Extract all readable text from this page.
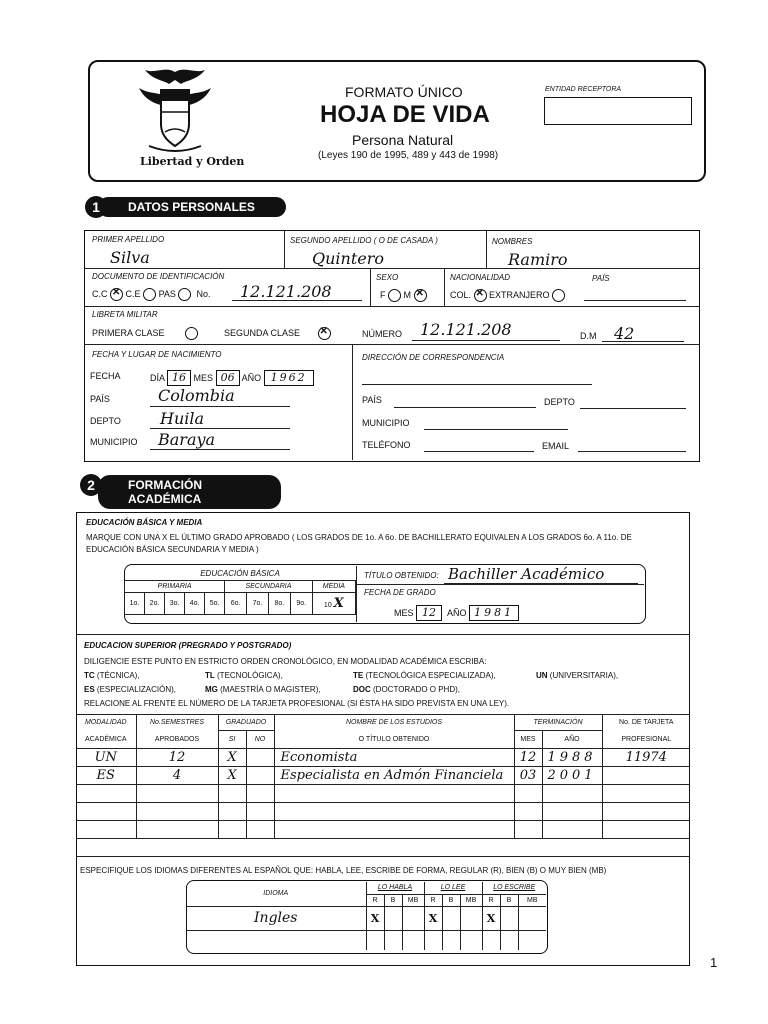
Libertad y Orden
FORMATO ÚNICO
HOJA DE VIDA
Persona Natural
(Leyes 190 de 1995, 489 y 443 de 1998)
ENTIDAD RECEPTORA
DATOS PERSONALES
1
PRIMER APELLIDO
Silva
SEGUNDO APELLIDO ( O DE CASADA )
Quintero
NOMBRES
Ramiro
DOCUMENTO DE IDENTIFICACIÓN
C.C ✕ C.E PAS No. 12.121.208
SEXO
F M ✕
NACIONALIDAD	PAÍS
COL. ✕ EXTRANJERO
LIBRETA MILITAR
PRIMERA CLASE	SEGUNDA CLASE ✕	NÚMERO 12.121.208	D.M 42
FECHA Y LUGAR DE NACIMIENTO
FECHA	DÍA 16 MES 06 AÑO 1962
PAÍS	Colombia
DEPTO Huila
MUNICIPIO Baraya
DIRECCIÓN DE CORRESPONDENCIA
PAÍS	DEPTO
MUNICIPIO
TELÉFONO	EMAIL
FORMACIÓN ACADÉMICA
2
EDUCACIÓN BÁSICA Y MEDIA
MARQUE CON UNA X EL ÚLTIMO GRADO APROBADO ( LOS GRADOS DE 1o. A 6o. DE BACHILLERATO EQUIVALEN A LOS GRADOS 6o. A 11o. DE EDUCACIÓN BÁSICA SECUNDARIA Y MEDIA )
EDUCACIÓN BÁSICA									
PRIMARIA					SECUNDARIA				MEDIA
1o.	2o.	3o.	4o.	5o.	6o.	7o.	8o.	9o.	10 X
TÍTULO OBTENIDO: Bachiller Académico
FECHA DE GRADO
MES 12 AÑO 1981
EDUCACION SUPERIOR (PREGRADO Y POSTGRADO)
DILIGENCIE ESTE PUNTO EN ESTRICTO ORDEN CRONOLÓGICO, EN MODALIDAD ACADÉMICA ESCRIBA:
TC (TÉCNICA),	TL (TECNOLÓGICA),	TE (TECNOLÓGICA ESPECIALIZADA),	UN (UNIVERSITARIA),
ES (ESPECIALIZACIÓN),	MG (MAESTRÍA O MAGISTER),	DOC (DOCTORADO O PHD),
RELACIONE AL FRENTE EL NÚMERO DE LA TARJETA PROFESIONAL (SI ÉSTA HA SIDO PREVISTA EN UNA LEY).
MODALIDAD	No.SEMESTRES	GRADUADO		NOMBRE DE LOS ESTUDIOS	TERMINACIÓN		No. DE TARJETA
ACADÉMICA	APROBADOS	SI	NO	O TÍTULO OBTENIDO	MES	AÑO	PROFESIONAL
UN	12	X		Economista	12	1988	11974
ES	4	X		Especialista en Admón Financiela	03	2001	

ESPECIFIQUE LOS IDIOMAS DIFERENTES AL ESPAÑOL QUE: HABLA, LEE, ESCRIBE DE FORMA, REGULAR (R), BIEN (B) O MUY BIEN (MB)
IDIOMA	LO HABLA			LO LEE			LO ESCRIBE		
	R	B	MB	R	B	MB	R	B	MB
Ingles	X			X			X		

1
